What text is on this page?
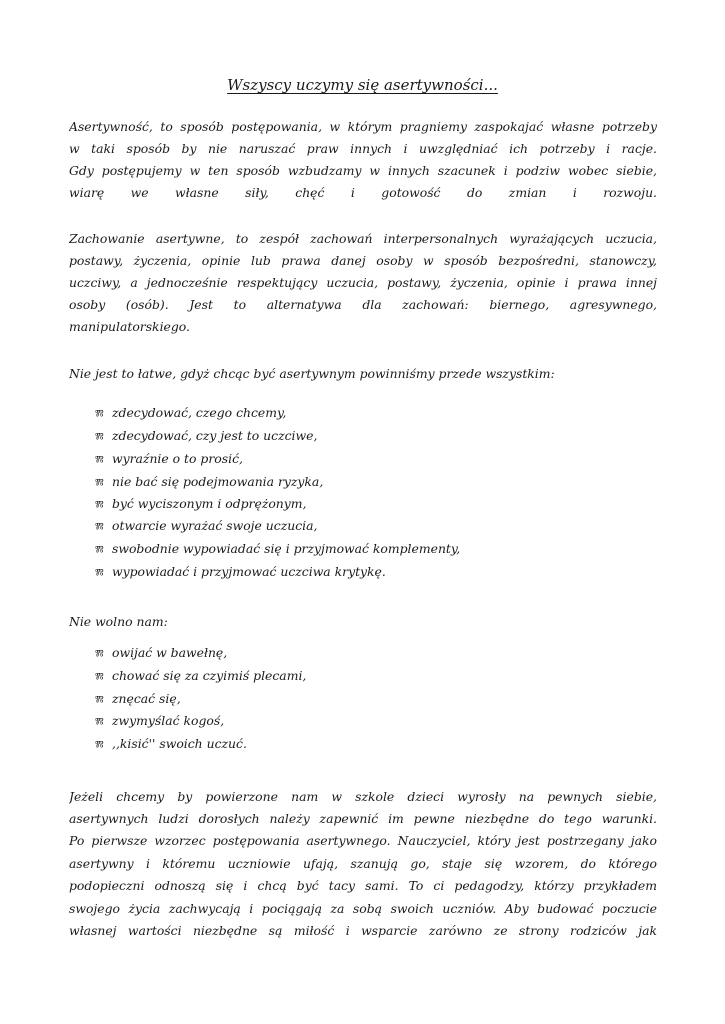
Wszyscy uczymy się asertywności...
Asertywność, to sposób postępowania, w którym pragniemy zaspokajać własne potrzeby
w taki sposób by nie naruszać praw innych i uwzględniać ich potrzeby i racje.
Gdy postępujemy w ten sposób wzbudzamy w innych szacunek i podziw wobec siebie,
wiarę we własne siły, chęć i gotowość do zmian i rozwoju.
Zachowanie asertywne, to zespół zachowań interpersonalnych wyrażających uczucia,
postawy, życzenia, opinie lub prawa danej osoby w sposób bezpośredni, stanowczy,
uczciwy, a jednocześnie respektujący uczucia, postawy, życzenia, opinie i prawa innej
osoby (osób). Jest to alternatywa dla zachowań: biernego, agresywnego,
manipulatorskiego.
Nie jest to łatwe, gdyż chcąc być asertywnym powinniśmy przede wszystkim:
Ⰿ zdecydować, czego chcemy,
Ⰿ zdecydować, czy jest to uczciwe,
Ⰿ wyraźnie o to prosić,
Ⰿ nie bać się podejmowania ryzyka,
Ⰿ być wyciszonym i odprężonym,
Ⰿ otwarcie wyrażać swoje uczucia,
Ⰿ swobodnie wypowiadać się i przyjmować komplementy,
Ⰿ wypowiadać i przyjmować uczciwa krytykę.
Nie wolno nam:
Ⰿ owijać w bawełnę,
Ⰿ chować się za czyimiś plecami,
Ⰿ znęcać się,
Ⰿ zwymyślać kogoś,
Ⰿ ,,kisić'' swoich uczuć.
Jeżeli chcemy by powierzone nam w szkole dzieci wyrosły na pewnych siebie,
asertywnych ludzi dorosłych należy zapewnić im pewne niezbędne do tego warunki.
Po pierwsze wzorzec postępowania asertywnego. Nauczyciel, który jest postrzegany jako
asertywny i któremu uczniowie ufają, szanują go, staje się wzorem, do którego
podopieczni odnoszą się i chcą być tacy sami. To ci pedagodzy, którzy przykładem
swojego życia zachwycają i pociągają za sobą swoich uczniów. Aby budować poczucie
własnej wartości niezbędne są miłość i wsparcie zarówno ze strony rodziców jak
